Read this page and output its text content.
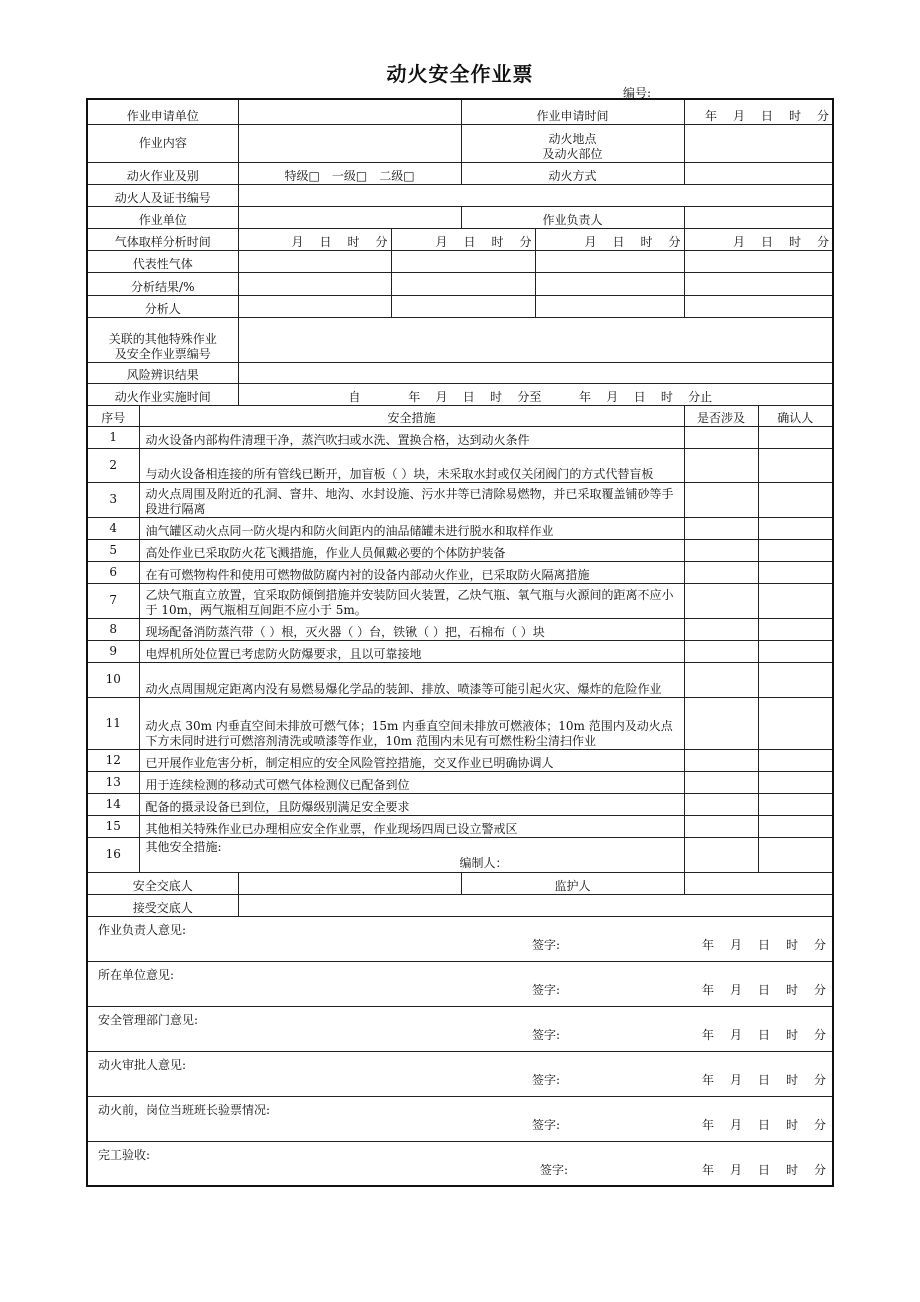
动火安全作业票
编号:
作业申请单位				作业申请时间		年 月 日 时 分	
作业内容				动火地点
及动火部位			

动火作业及别		特级□ 一级□ 二级□		动火方式			
动火人及证书编号							
作业单位				作业负责人			
气体取样分析时间		月 日 时 分	月 日 时 分		月 日 时 分	月 日 时 分	
代表性气体							
分析结果/%							
分析人							

关联的其他特殊作业
及安全作业票编号							

风险辨识结果							
动火作业实施时间		自 年 月 日 时 分至 年 月 日 时 分止					
序号	安全措施					是否涉及	确认人
1	动火设备内部构件清理干净，蒸汽吹扫或水洗、置换合格，达到动火条件						
2	与动火设备相连接的所有管线已断开，加盲板（ ）块，未采取水封或仅关闭阀门的方式代替盲板						
3	动火点周围及附近的孔洞、窨井、地沟、水封设施、污水井等已清除易燃物，并已采取覆盖铺砂等手段进行隔离						
4	油气罐区动火点同一防火堤内和防火间距内的油品储罐未进行脱水和取样作业						
5	高处作业已采取防火花飞溅措施，作业人员佩戴必要的个体防护装备						
6	在有可燃物构件和使用可燃物做防腐内衬的设备内部动火作业，已采取防火隔离措施						
7	乙炔气瓶直立放置，宜采取防倾倒措施并安装防回火装置，乙炔气瓶、氧气瓶与火源间的距离不应小于 10m，两气瓶相互间距不应小于 5m。						
8	现场配备消防蒸汽带（ ）根，灭火器（ ）台，铁锹（ ）把，石棉布（ ）块						
9	电焊机所处位置已考虑防火防爆要求，且以可靠接地						
10	动火点周围规定距离内没有易燃易爆化学品的装卸、排放、喷漆等可能引起火灾、爆炸的危险作业						
11	动火点 30m 内垂直空间未排放可燃气体；15m 内垂直空间未排放可燃液体；10m 范围内及动火点下方未同时进行可燃溶剂清洗或喷漆等作业，10m 范围内未见有可燃性粉尘清扫作业						
12	已开展作业危害分析，制定相应的安全风险管控措施，交叉作业已明确协调人						
13	用于连续检测的移动式可燃气体检测仪已配备到位						
14	配备的摄录设备已到位，且防爆级别满足安全要求						
15	其他相关特殊作业已办理相应安全作业票，作业现场四周已设立警戒区						
16	其他安全措施:
编制人：						

安全交底人				监护人			
接受交底人							

作业负责人意见:
签字: 年 月 日 时 分							

所在单位意见:
签字: 年 月 日 时 分							

安全管理部门意见:
签字: 年 月 日 时 分							

动火审批人意见:
签字: 年 月 日 时 分							

动火前，岗位当班班长验票情况:
签字: 年 月 日 时 分							

完工验收:
签字: 年 月 日 时 分							
